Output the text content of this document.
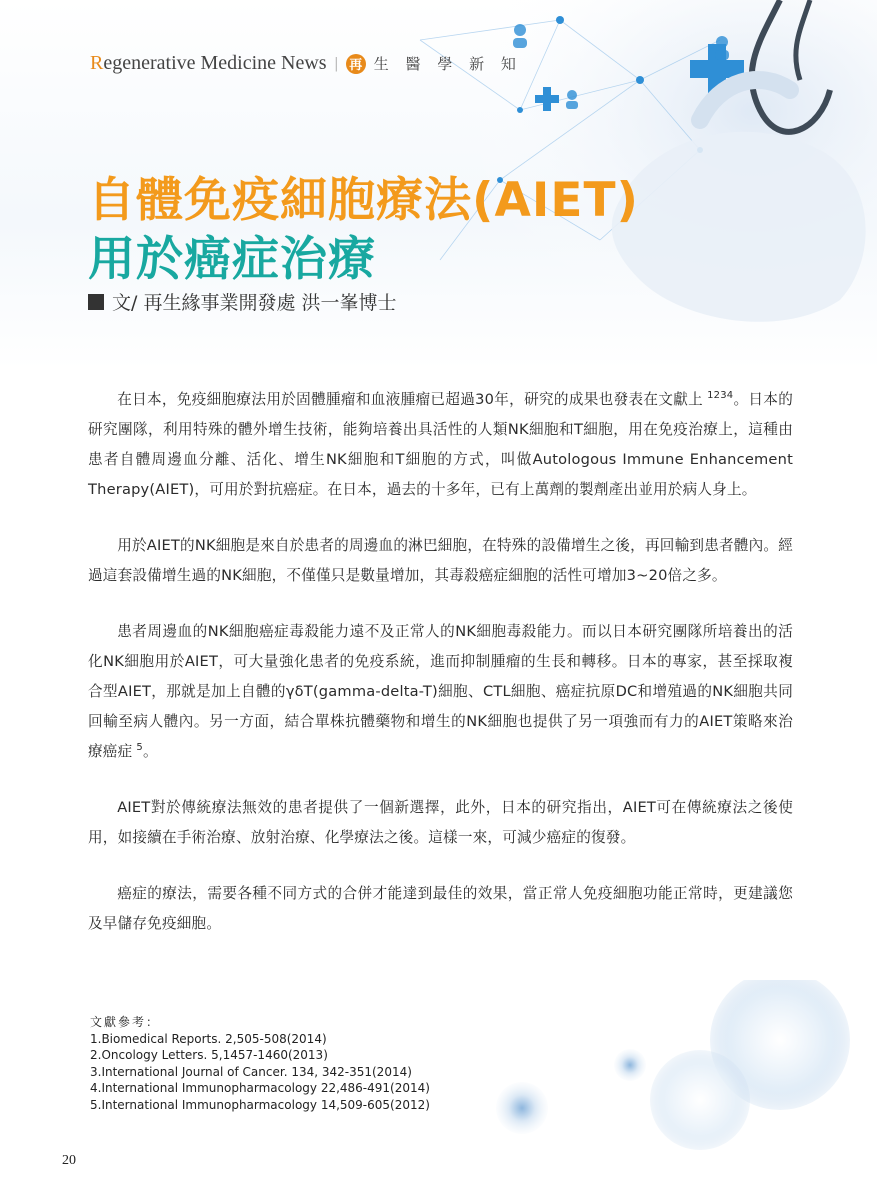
Regenerative Medicine News | 再 生 醫 學 新 知
自體免疫細胞療法(AIET)
用於癌症治療
文/ 再生緣事業開發處 洪一峯博士

在日本，免疫細胞療法用於固體腫瘤和血液腫瘤已超過30年，研究的成果也發表在文獻上 $^{1234}$。日本的研究團隊，利用特殊的體外增生技術，能夠培養出具活性的人類NK細胞和T細胞，用在免疫治療上，這種由患者自體周邊血分離、活化、增生NK細胞和T細胞的方式，叫做Autologous Immune Enhancement Therapy(AIET)，可用於對抗癌症。在日本，過去的十多年，已有上萬劑的製劑產出並用於病人身上。

用於AIET的NK細胞是來自於患者的周邊血的淋巴細胞，在特殊的設備增生之後，再回輸到患者體內。經過這套設備增生過的NK細胞，不僅僅只是數量增加，其毒殺癌症細胞的活性可增加3~20倍之多。

患者周邊血的NK細胞癌症毒殺能力遠不及正常人的NK細胞毒殺能力。而以日本研究團隊所培養出的活化NK細胞用於AIET，可大量強化患者的免疫系統，進而抑制腫瘤的生長和轉移。日本的專家，甚至採取複合型AIET，那就是加上自體的γδT(gamma-delta-T)細胞、CTL細胞、癌症抗原DC和增殖過的NK細胞共同回輸至病人體內。另一方面，結合單株抗體藥物和增生的NK細胞也提供了另一項強而有力的AIET策略來治療癌症 $^5$。

AIET對於傳統療法無效的患者提供了一個新選擇，此外，日本的研究指出，AIET可在傳統療法之後使用，如接續在手術治療、放射治療、化學療法之後。這樣一來，可減少癌症的復發。

癌症的療法，需要各種不同方式的合併才能達到最佳的效果，當正常人免疫細胞功能正常時，更建議您及早儲存免疫細胞。

文獻參考：
1.Biomedical Reports. 2,505-508(2014)
2.Oncology Letters. 5,1457-1460(2013)
3.International Journal of Cancer. 134, 342-351(2014)
4.International Immunopharmacology 22,486-491(2014)
5.International Immunopharmacology 14,509-605(2012)
20
